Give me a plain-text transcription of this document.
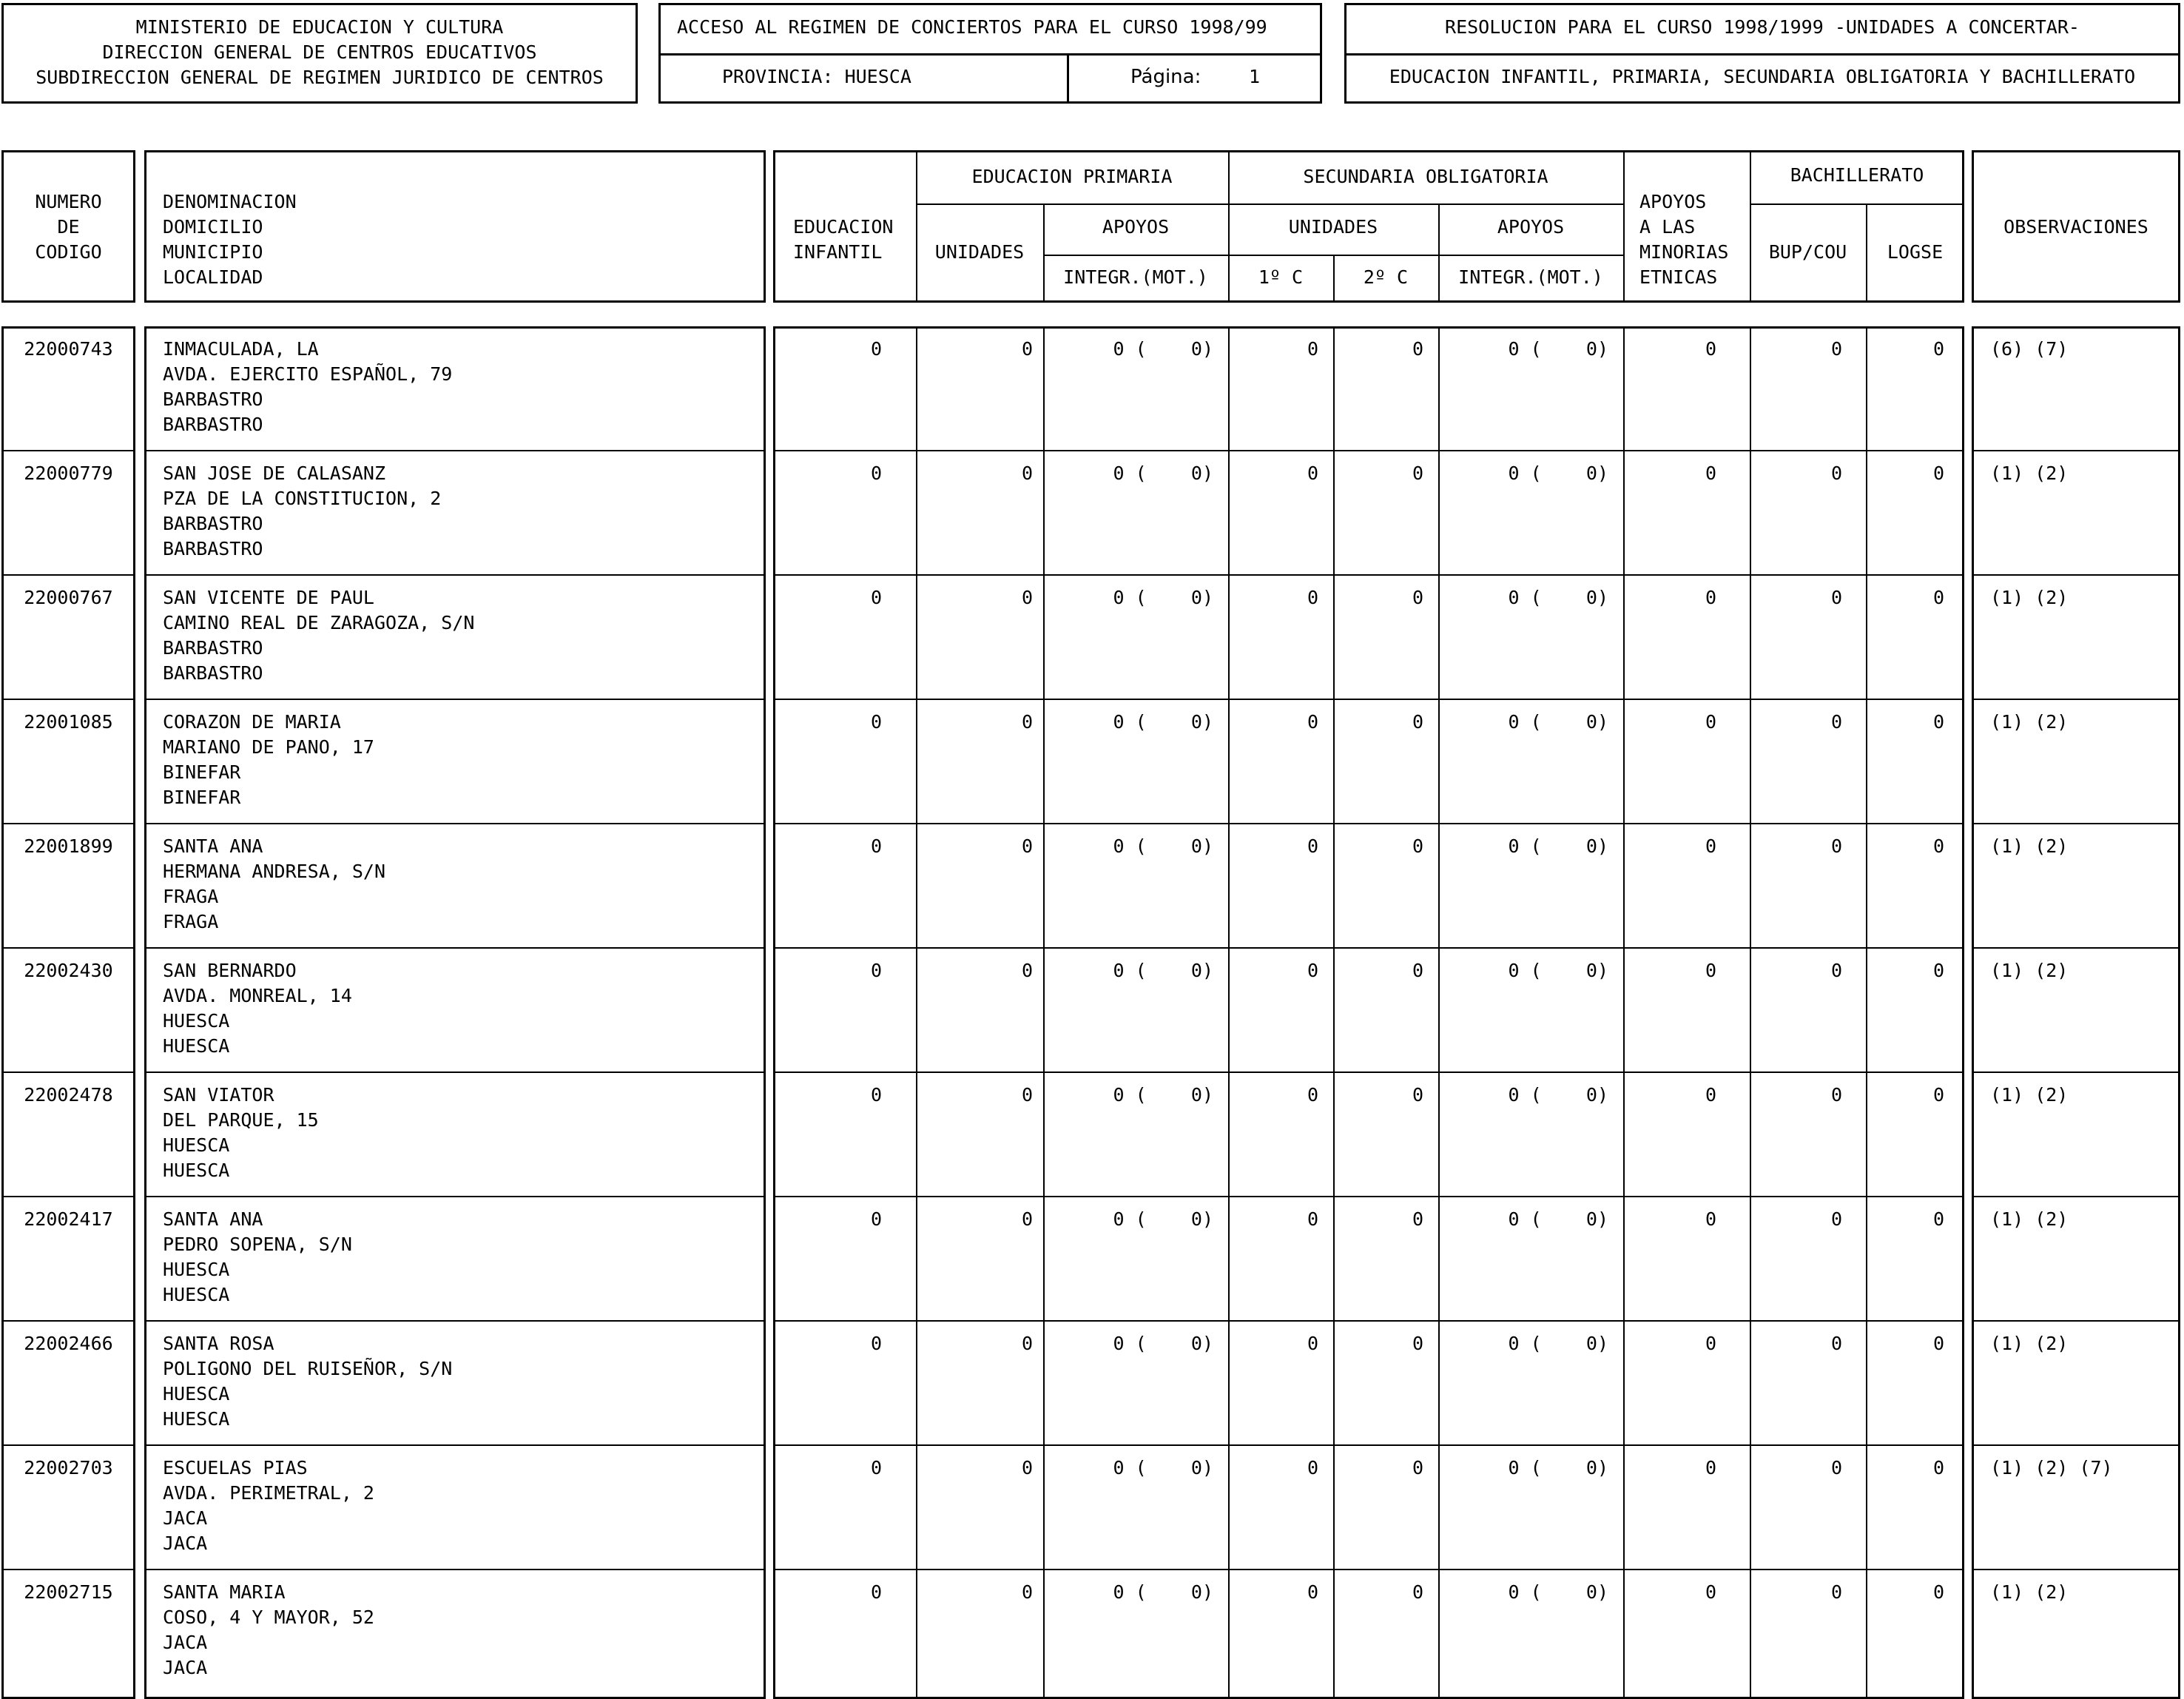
MINISTERIO DE EDUCACION Y CULTURA
DIRECCION GENERAL DE CENTROS EDUCATIVOS
SUBDIRECCION GENERAL DE REGIMEN JURIDICO DE CENTROS
ACCESO AL REGIMEN DE CONCIERTOS PARA EL CURSO 1998/99
PROVINCIA: HUESCA	Página:	1
RESOLUCION PARA EL CURSO 1998/1999 -UNIDADES A CONCERTAR-
EDUCACION INFANTIL, PRIMARIA, SECUNDARIA OBLIGATORIA Y BACHILLERATO
NUMERO
DE
CODIGO
DENOMINACION
DOMICILIO
MUNICIPIO
LOCALIDAD
EDUCACION
INFANTIL
EDUCACION PRIMARIA
UNIDADES
APOYOS
INTEGR.(MOT.)
SECUNDARIA OBLIGATORIA
UNIDADES
1º C	2º C
APOYOS
INTEGR.(MOT.)
APOYOS
A LAS
MINORIAS
ETNICAS
BACHILLERATO
BUP/COU	LOGSE
OBSERVACIONES
22000743	INMACULADA, LA
AVDA. EJERCITO ESPAÑOL, 79
BARBASTRO
BARBASTRO
0	0	0 (    0)	0	0	0 (    0)	0	0	0 (6) (7)
22000779	SAN JOSE DE CALASANZ
PZA DE LA CONSTITUCION, 2
BARBASTRO
BARBASTRO
0	0	0 (    0)	0	0	0 (    0)	0	0	0 (1) (2)
22000767	SAN VICENTE DE PAUL
CAMINO REAL DE ZARAGOZA, S/N
BARBASTRO
BARBASTRO
0	0	0 (    0)	0	0	0 (    0)	0	0	0 (1) (2)
22001085	CORAZON DE MARIA
MARIANO DE PANO, 17
BINEFAR
BINEFAR
0	0	0 (    0)	0	0	0 (    0)	0	0	0 (1) (2)
22001899	SANTA ANA
HERMANA ANDRESA, S/N
FRAGA
FRAGA
0	0	0 (    0)	0	0	0 (    0)	0	0	0 (1) (2)
22002430	SAN BERNARDO
AVDA. MONREAL, 14
HUESCA
HUESCA
0	0	0 (    0)	0	0	0 (    0)	0	0	0 (1) (2)
22002478	SAN VIATOR
DEL PARQUE, 15
HUESCA
HUESCA
0	0	0 (    0)	0	0	0 (    0)	0	0	0 (1) (2)
22002417	SANTA ANA
PEDRO SOPENA, S/N
HUESCA
HUESCA
0	0	0 (    0)	0	0	0 (    0)	0	0	0 (1) (2)
22002466	SANTA ROSA
POLIGONO DEL RUISEÑOR, S/N
HUESCA
HUESCA
0	0	0 (    0)	0	0	0 (    0)	0	0	0 (1) (2)
22002703	ESCUELAS PIAS
AVDA. PERIMETRAL, 2
JACA
JACA
0	0	0 (    0)	0	0	0 (    0)	0	0	0 (1) (2) (7)
22002715	SANTA MARIA
COSO, 4 Y MAYOR, 52
JACA
JACA
0	0	0 (    0)	0	0	0 (    0)	0	0	0 (1) (2)
